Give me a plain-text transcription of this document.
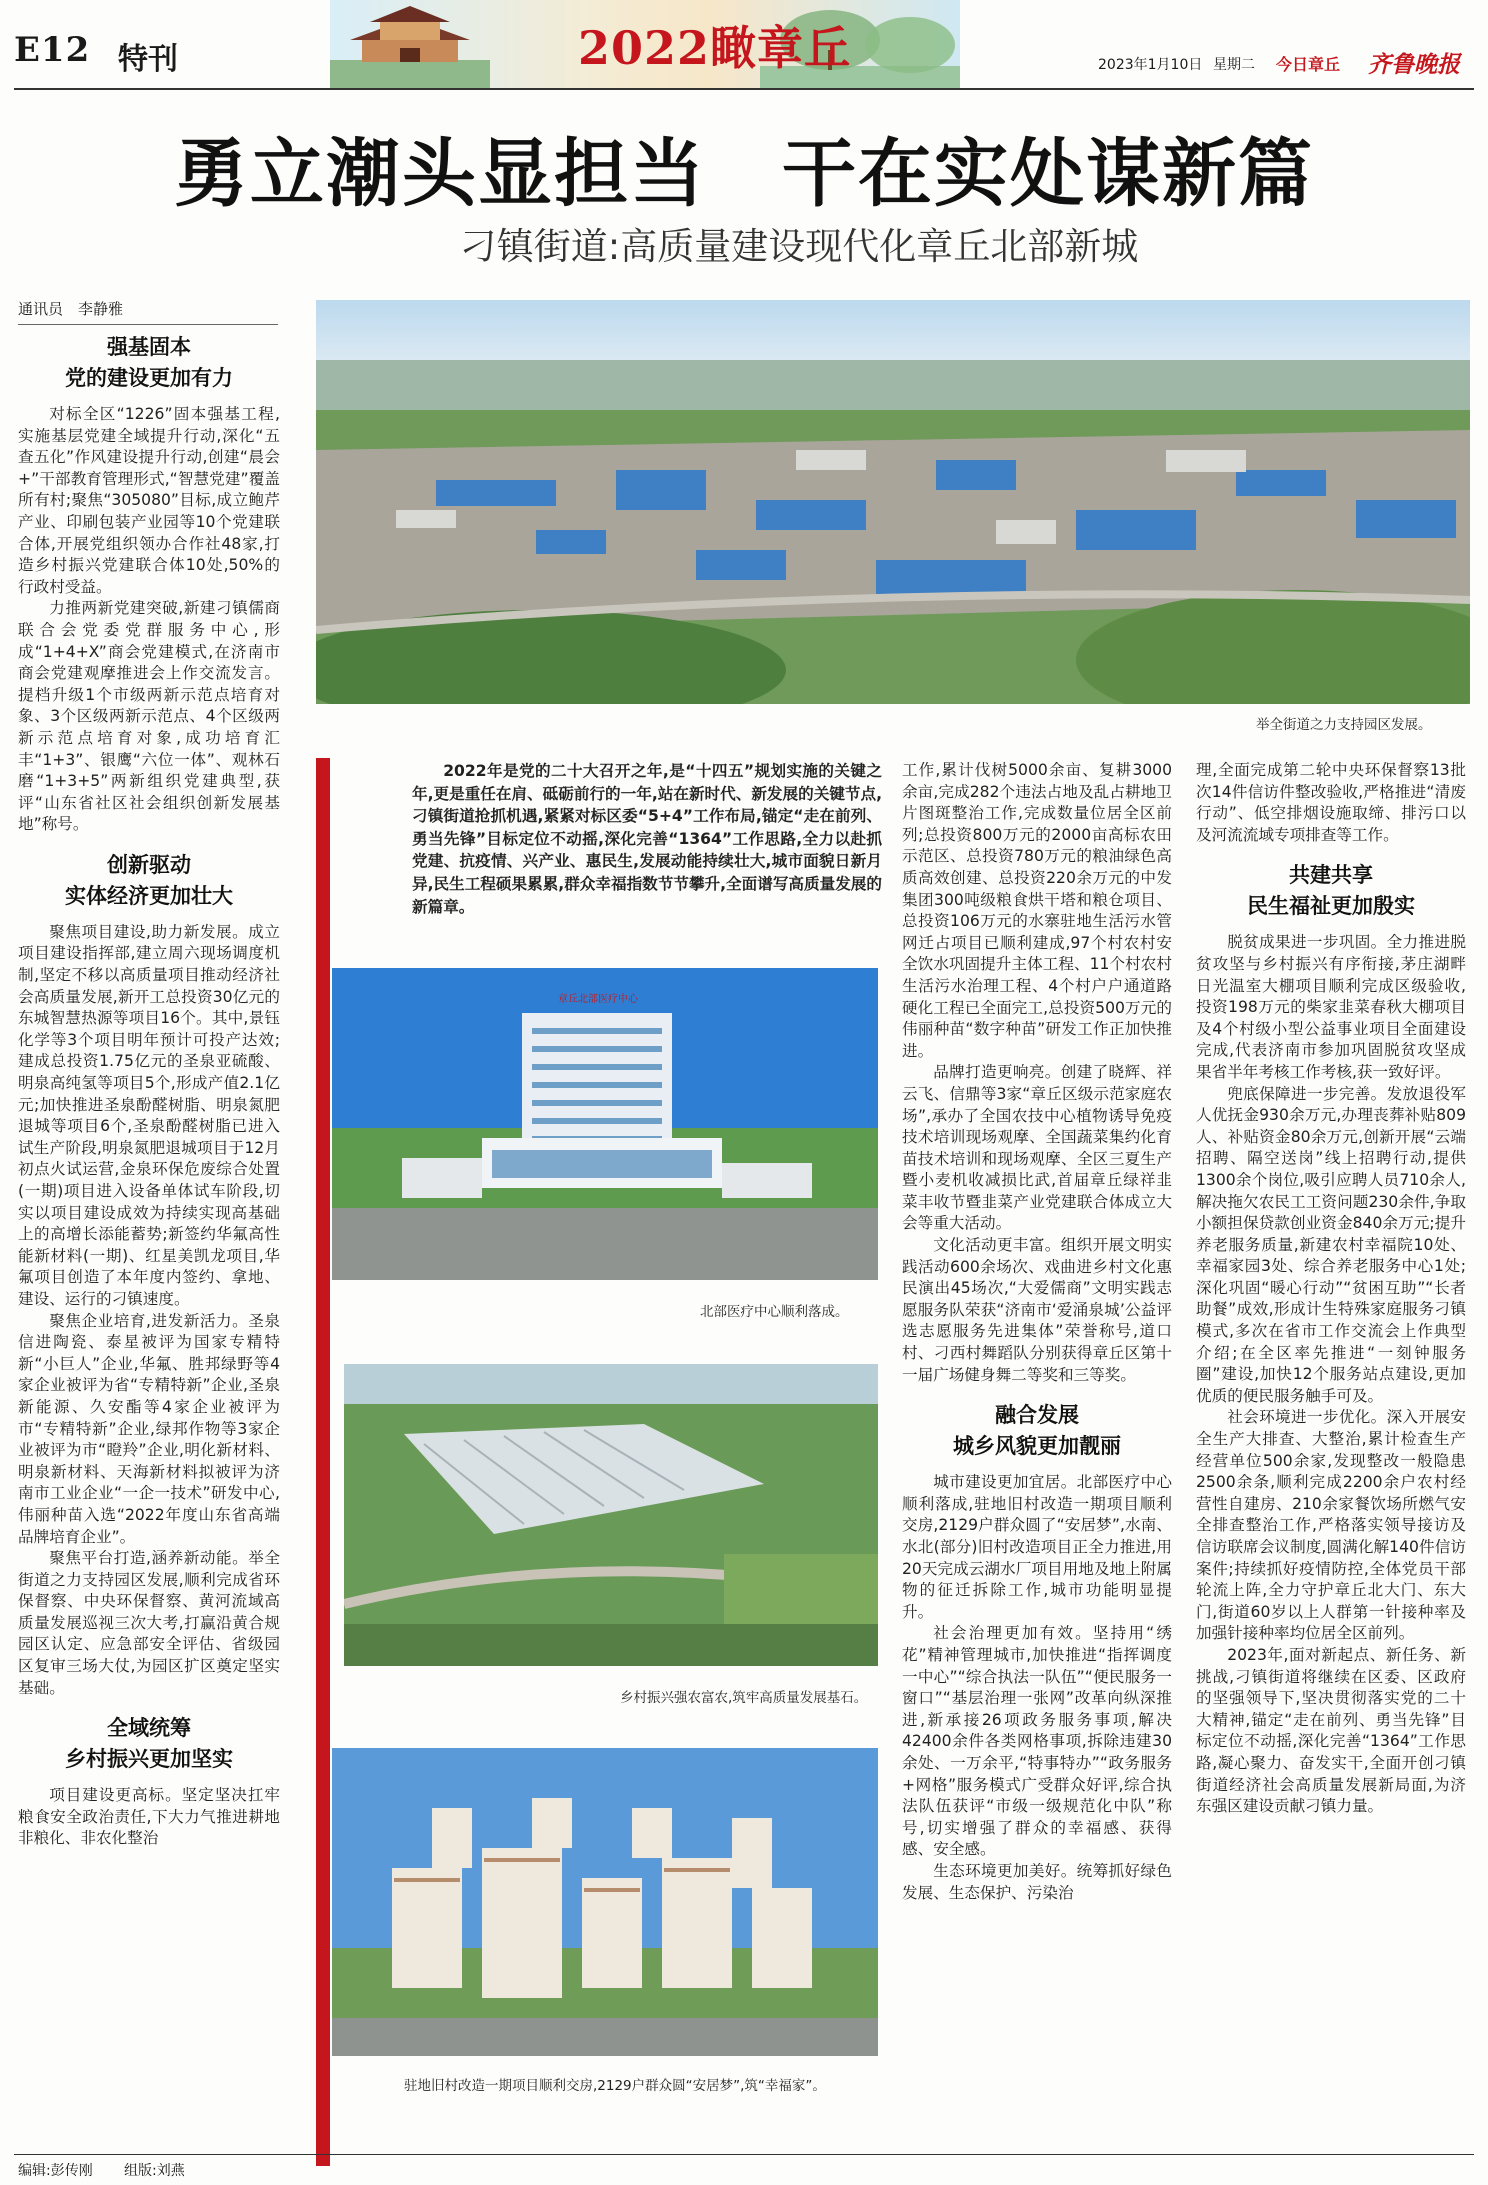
E12 特刊	2022瞰章丘	2023年1月10日 星期二 今日章丘 齐鲁晚报
勇立潮头显担当　干在实处谋新篇
刁镇街道:高质量建设现代化章丘北部新城
通讯员　李静雅
举全街道之力支持园区发展。

2022年是党的二十大召开之年,是“十四五”规划实施的关键之年,更是重任在肩、砥砺前行的一年,站在新时代、新发展的关键节点,刁镇街道抢抓机遇,紧紧对标区委“5+4”工作布局,锚定“走在前列、勇当先锋”目标定位不动摇,深化完善“1364”工作思路,全力以赴抓党建、抗疫情、兴产业、惠民生,发展动能持续壮大,城市面貌日新月异,民生工程硕果累累,群众幸福指数节节攀升,全面谱写高质量发展的新篇章。

章丘北部医疗中心
北部医疗中心顺利落成。
乡村振兴强农富农,筑牢高质量发展基石。
驻地旧村改造一期项目顺利交房,2129户群众圆“安居梦”,筑“幸福家”。
强基固本
党的建设更加有力

对标全区“1226”固本强基工程,实施基层党建全域提升行动,深化“五查五化”作风建设提升行动,创建“晨会+”干部教育管理形式,“智慧党建”覆盖所有村;聚焦“305080”目标,成立鲍芹产业、印刷包装产业园等10个党建联合体,开展党组织领办合作社48家,打造乡村振兴党建联合体10处,50%的行政村受益。

力推两新党建突破,新建刁镇儒商联合会党委党群服务中心,形成“1+4+X”商会党建模式,在济南市商会党建观摩推进会上作交流发言。提档升级1个市级两新示范点培育对象、3个区级两新示范点、4个区级两新示范点培育对象,成功培育汇丰“1+3”、银鹰“六位一体”、观林石磨“1+3+5”两新组织党建典型,获评“山东省社区社会组织创新发展基地”称号。

创新驱动
实体经济更加壮大

聚焦项目建设,助力新发展。成立项目建设指挥部,建立周六现场调度机制,坚定不移以高质量项目推动经济社会高质量发展,新开工总投资30亿元的东城智慧热源等项目16个。其中,景钰化学等3个项目明年预计可投产达效;建成总投资1.75亿元的圣泉亚硫酸、明泉高纯氢等项目5个,形成产值2.1亿元;加快推进圣泉酚醛树脂、明泉氮肥退城等项目6个,圣泉酚醛树脂已进入试生产阶段,明泉氮肥退城项目于12月初点火试运营,金泉环保危废综合处置(一期)项目进入设备单体试车阶段,切实以项目建设成效为持续实现高基础上的高增长添能蓄势;新签约华氟高性能新材料(一期)、红星美凯龙项目,华氟项目创造了本年度内签约、拿地、建设、运行的刁镇速度。

聚焦企业培育,进发新活力。圣泉信进陶瓷、泰星被评为国家专精特新“小巨人”企业,华氟、胜邦绿野等4家企业被评为省“专精特新”企业,圣泉新能源、久安酯等4家企业被评为市“专精特新”企业,绿邦作物等3家企业被评为市“瞪羚”企业,明化新材料、明泉新材料、天海新材料拟被评为济南市工业企业“一企一技术”研发中心,伟丽种苗入选“2022年度山东省高端品牌培育企业”。

聚焦平台打造,涵养新动能。举全街道之力支持园区发展,顺利完成省环保督察、中央环保督察、黄河流域高质量发展巡视三次大考,打赢沿黄合规园区认定、应急部安全评估、省级园区复审三场大仗,为园区扩区奠定坚实基础。

全域统筹
乡村振兴更加坚实

项目建设更高标。坚定坚决扛牢粮食安全政治责任,下大力气推进耕地非粮化、非农化整治

工作,累计伐树5000余亩、复耕3000余亩,完成282个违法占地及乱占耕地卫片图斑整治工作,完成数量位居全区前列;总投资800万元的2000亩高标农田示范区、总投资780万元的粮油绿色高质高效创建、总投资220余万元的中发集团300吨级粮食烘干塔和粮仓项目、总投资106万元的水寨驻地生活污水管网迁占项目已顺利建成,97个村农村安全饮水巩固提升主体工程、11个村农村生活污水治理工程、4个村户户通道路硬化工程已全面完工,总投资500万元的伟丽种苗“数字种苗”研发工作正加快推进。

品牌打造更响亮。创建了晓辉、祥云飞、信鼎等3家“章丘区级示范家庭农场”,承办了全国农技中心植物诱导免疫技术培训现场观摩、全国蔬菜集约化育苗技术培训和现场观摩、全区三夏生产暨小麦机收减损比武,首届章丘绿祥韭菜丰收节暨韭菜产业党建联合体成立大会等重大活动。

文化活动更丰富。组织开展文明实践活动600余场次、戏曲进乡村文化惠民演出45场次,“大爱儒商”文明实践志愿服务队荣获“济南市‘爱涌泉城’公益评选志愿服务先进集体”荣誉称号,道口村、刁西村舞蹈队分别获得章丘区第十一届广场健身舞二等奖和三等奖。

融合发展
城乡风貌更加靓丽

城市建设更加宜居。北部医疗中心顺利落成,驻地旧村改造一期项目顺利交房,2129户群众圆了“安居梦”,水南、水北(部分)旧村改造项目正全力推进,用20天完成云湖水厂项目用地及地上附属物的征迁拆除工作,城市功能明显提升。

社会治理更加有效。坚持用“绣花”精神管理城市,加快推进“指挥调度一中心”“综合执法一队伍”“便民服务一窗口”“基层治理一张网”改革向纵深推进,新承接26项政务服务事项,解决42400余件各类网格事项,拆除违建30余处、一万余平,“特事特办”“政务服务+网格”服务模式广受群众好评,综合执法队伍获评“市级一级规范化中队”称号,切实增强了群众的幸福感、获得感、安全感。

生态环境更加美好。统筹抓好绿色发展、生态保护、污染治

理,全面完成第二轮中央环保督察13批次14件信访件整改验收,严格推进“清废行动”、低空排烟设施取缔、排污口以及河流流域专项排查等工作。

共建共享
民生福祉更加殷实

脱贫成果进一步巩固。全力推进脱贫攻坚与乡村振兴有序衔接,茅庄湖畔日光温室大棚项目顺利完成区级验收,投资198万元的柴家韭菜春秋大棚项目及4个村级小型公益事业项目全面建设完成,代表济南市参加巩固脱贫攻坚成果省半年考核工作考核,获一致好评。

兜底保障进一步完善。发放退役军人优抚金930余万元,办理丧葬补贴809人、补贴资金80余万元,创新开展“云端招聘、隔空送岗”线上招聘行动,提供1300余个岗位,吸引应聘人员710余人,解决拖欠农民工工资问题230余件,争取小额担保贷款创业资金840余万元;提升养老服务质量,新建农村幸福院10处、幸福家园3处、综合养老服务中心1处;深化巩固“暖心行动”“贫困互助”“长者助餐”成效,形成计生特殊家庭服务刁镇模式,多次在省市工作交流会上作典型介绍;在全区率先推进“一刻钟服务圈”建设,加快12个服务站点建设,更加优质的便民服务触手可及。

社会环境进一步优化。深入开展安全生产大排查、大整治,累计检查生产经营单位500余家,发现整改一般隐患2500余条,顺利完成2200余户农村经营性自建房、210余家餐饮场所燃气安全排查整治工作,严格落实领导接访及信访联席会议制度,圆满化解140件信访案件;持续抓好疫情防控,全体党员干部轮流上阵,全力守护章丘北大门、东大门,街道60岁以上人群第一针接种率及加强针接种率均位居全区前列。

2023年,面对新起点、新任务、新挑战,刁镇街道将继续在区委、区政府的坚强领导下,坚决贯彻落实党的二十大精神,锚定“走在前列、勇当先锋”目标定位不动摇,深化完善“1364”工作思路,凝心聚力、奋发实干,全面开创刁镇街道经济社会高质量发展新局面,为济东强区建设贡献刁镇力量。

编辑:彭传刚 组版:刘燕
